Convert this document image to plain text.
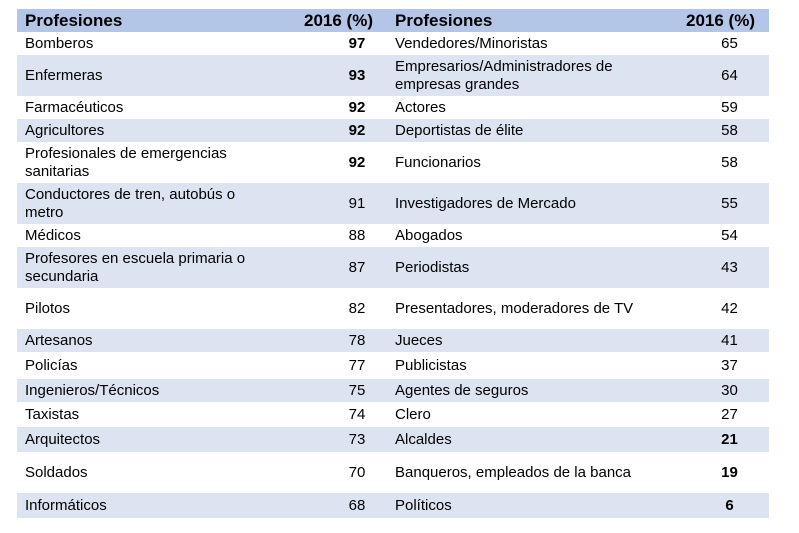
Profesiones	2016 (%)	Profesiones	2016 (%)
Bomberos	97	Vendedores/Minoristas	65
Enfermeras	93	Empresarios/Administradores de empresas grandes	64
Farmacéuticos	92	Actores	59
Agricultores	92	Deportistas de élite	58
Profesionales de emergencias sanitarias	92	Funcionarios	58
Conductores de tren, autobús o metro	91	Investigadores de Mercado	55
Médicos	88	Abogados	54
Profesores en escuela primaria o secundaria	87	Periodistas	43
Pilotos	82	Presentadores, moderadores de TV	42
Artesanos	78	Jueces	41
Policías	77	Publicistas	37
Ingenieros/Técnicos	75	Agentes de seguros	30
Taxistas	74	Clero	27
Arquitectos	73	Alcaldes	21
Soldados	70	Banqueros, empleados de la banca	19
Informáticos	68	Políticos	6
